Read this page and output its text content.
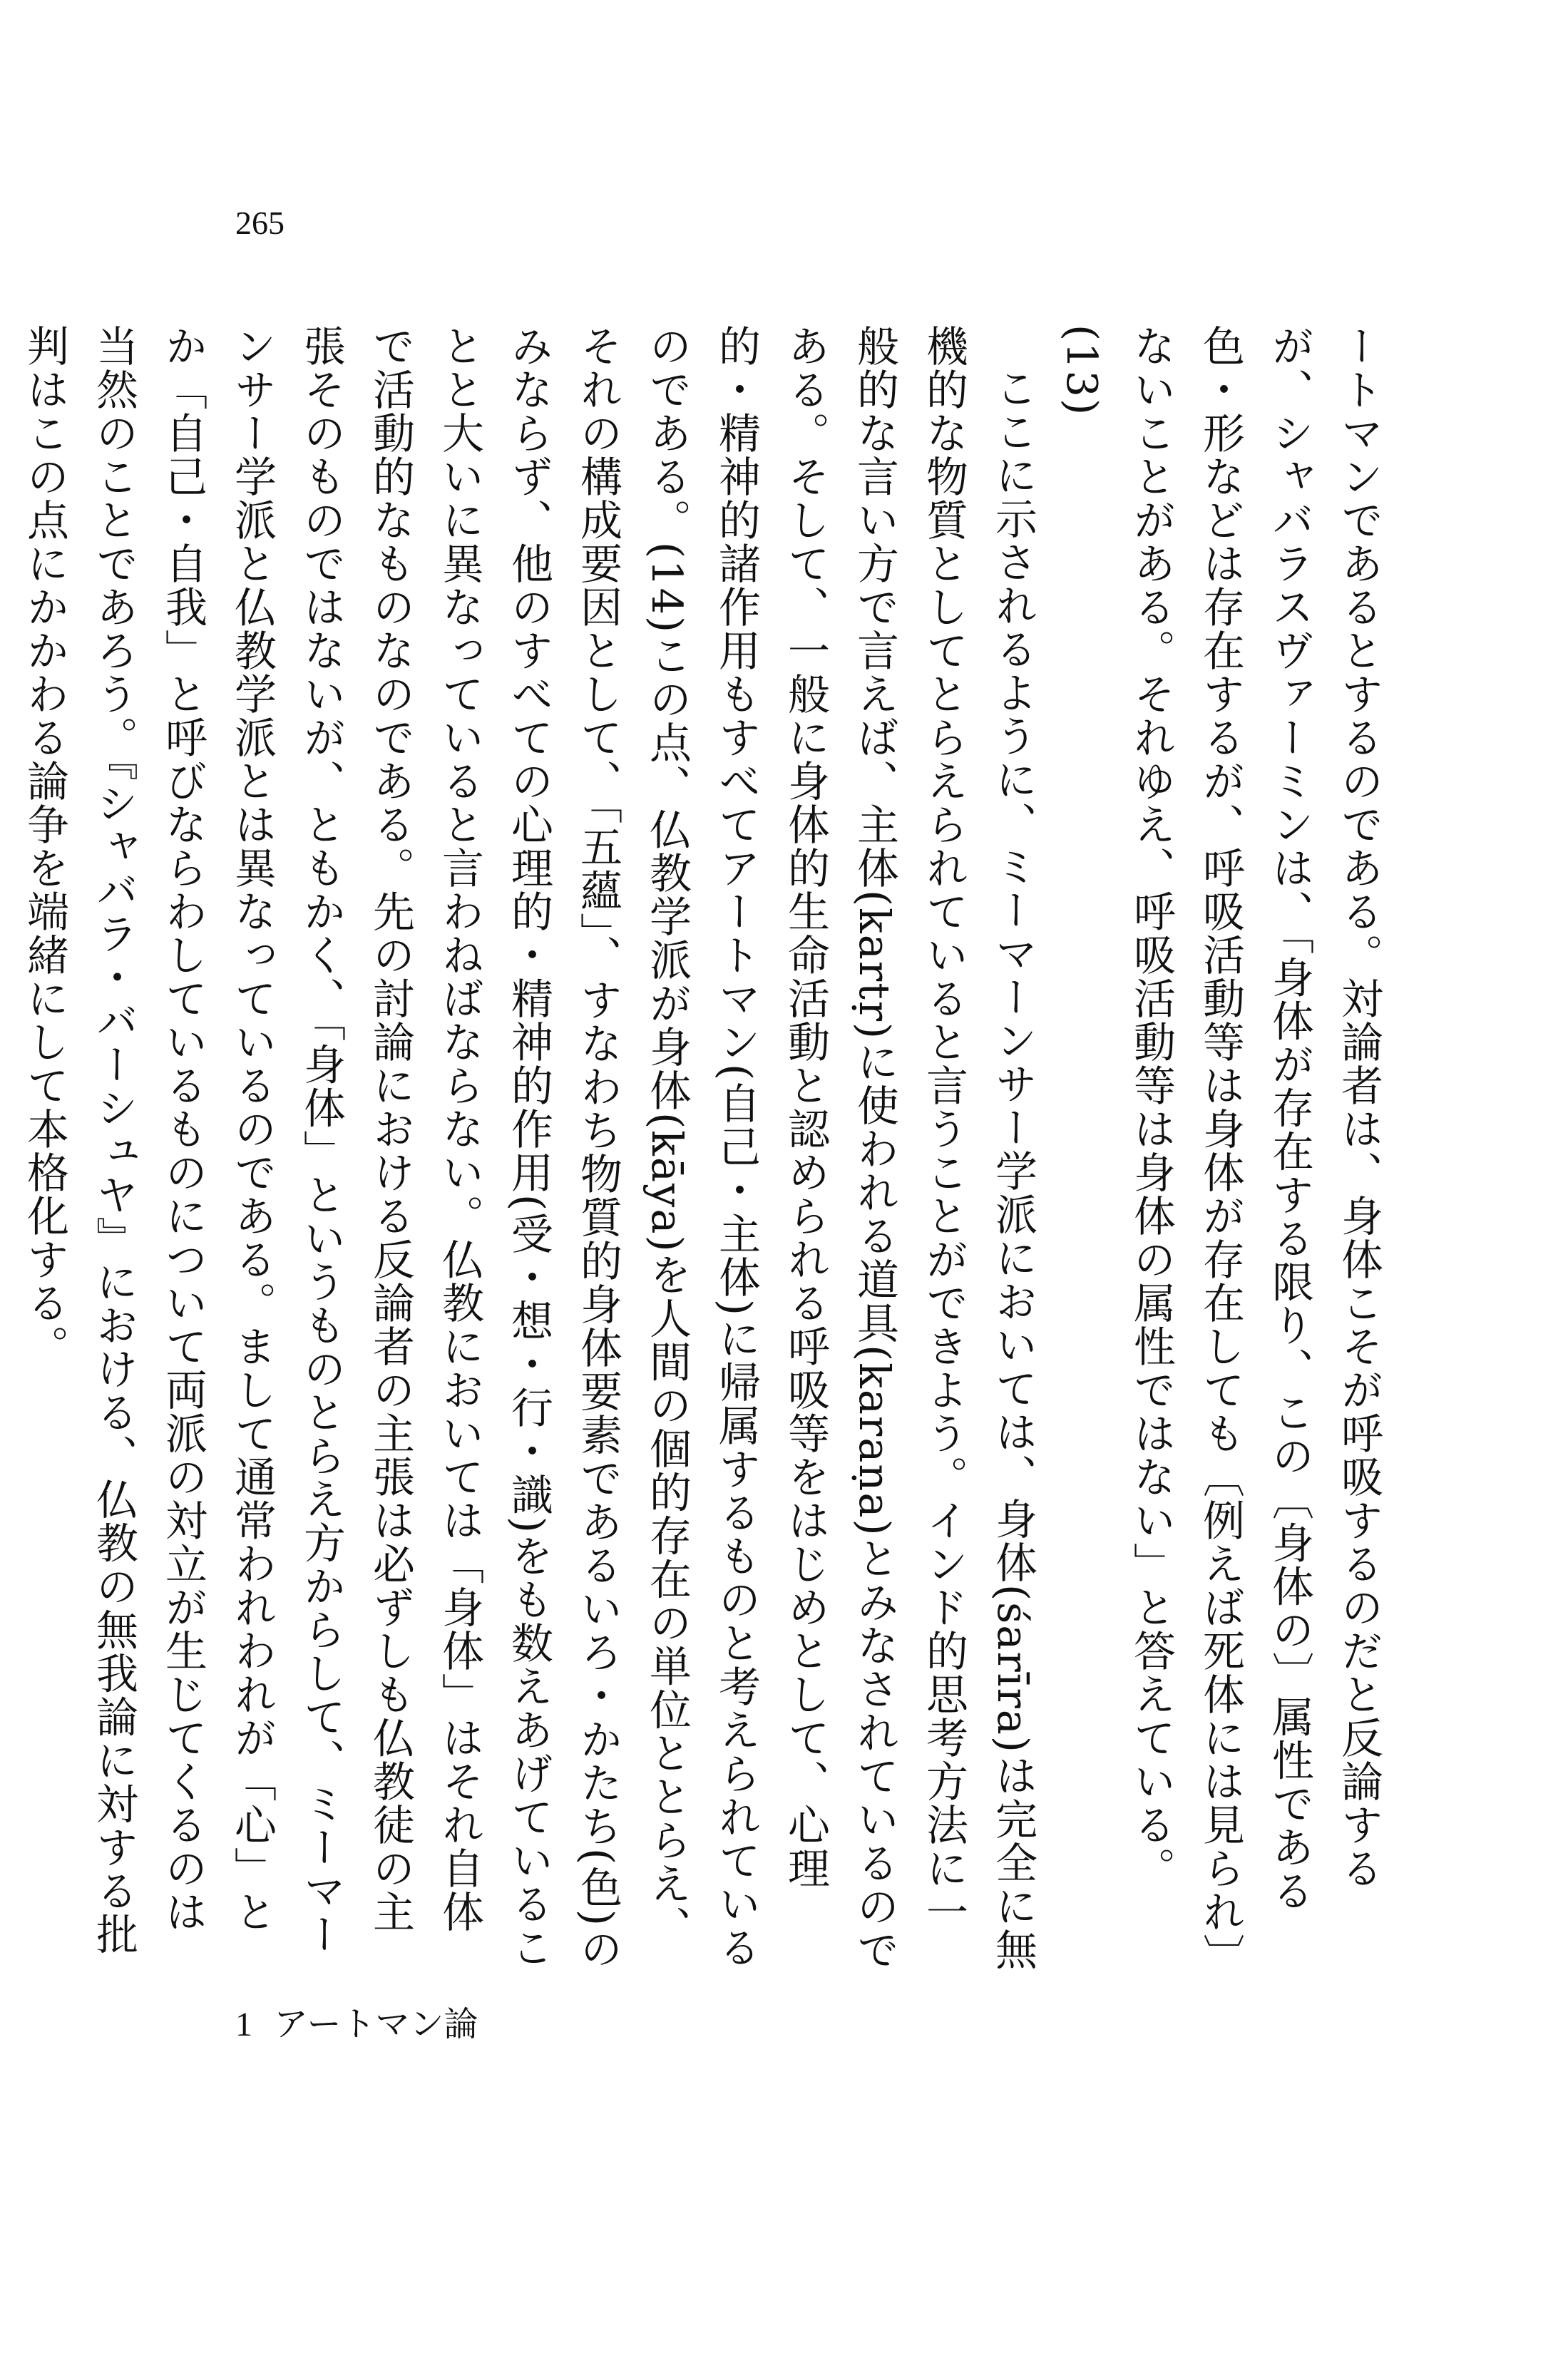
265

ートマンであるとするのである。対論者は、身体こそが呼吸するのだと反論するが、シャバラスヴァーミンは、「身体が存在する限り、この〔身体の〕属性である色・形などは存在するが、呼吸活動等は身体が存在しても〔例えば死体には見られ〕ないことがある。それゆえ、呼吸活動等は身体の属性ではない」と答えている。(13)

ここに示されるように、ミーマーンサー学派においては、身体(śarīra)は完全に無機的な物質としてとらえられていると言うことができよう。インド的思考方法に一般的な言い方で言えば、主体(kartṛ)に使われる道具(karaṇa)とみなされているのである。そして、一般に身体的生命活動と認められる呼吸等をはじめとして、心理的・精神的諸作用もすべてアートマン(自己・主体)に帰属するものと考えられているのである。(14)この点、仏教学派が身体(kāya)を人間の個的存在の単位ととらえ、それの構成要因として、「五蘊」、すなわち物質的身体要素であるいろ・かたち(色)のみならず、他のすべての心理的・精神的作用(受・想・行・識)をも数えあげていることと大いに異なっていると言わねばならない。仏教においては「身体」はそれ自体で活動的なものなのである。先の討論における反論者の主張は必ずしも仏教徒の主張そのものではないが、ともかく、「身体」というものとらえ方からして、ミーマーンサー学派と仏教学派とは異なっているのである。まして通常われわれが「心」とか「自己・自我」と呼びならわしているものについて両派の対立が生じてくるのは当然のことであろう。『シャバラ・バーシュヤ』における、仏教の無我論に対する批判はこの点にかかわる論争を端緒にして本格化する。

1 アートマン論
